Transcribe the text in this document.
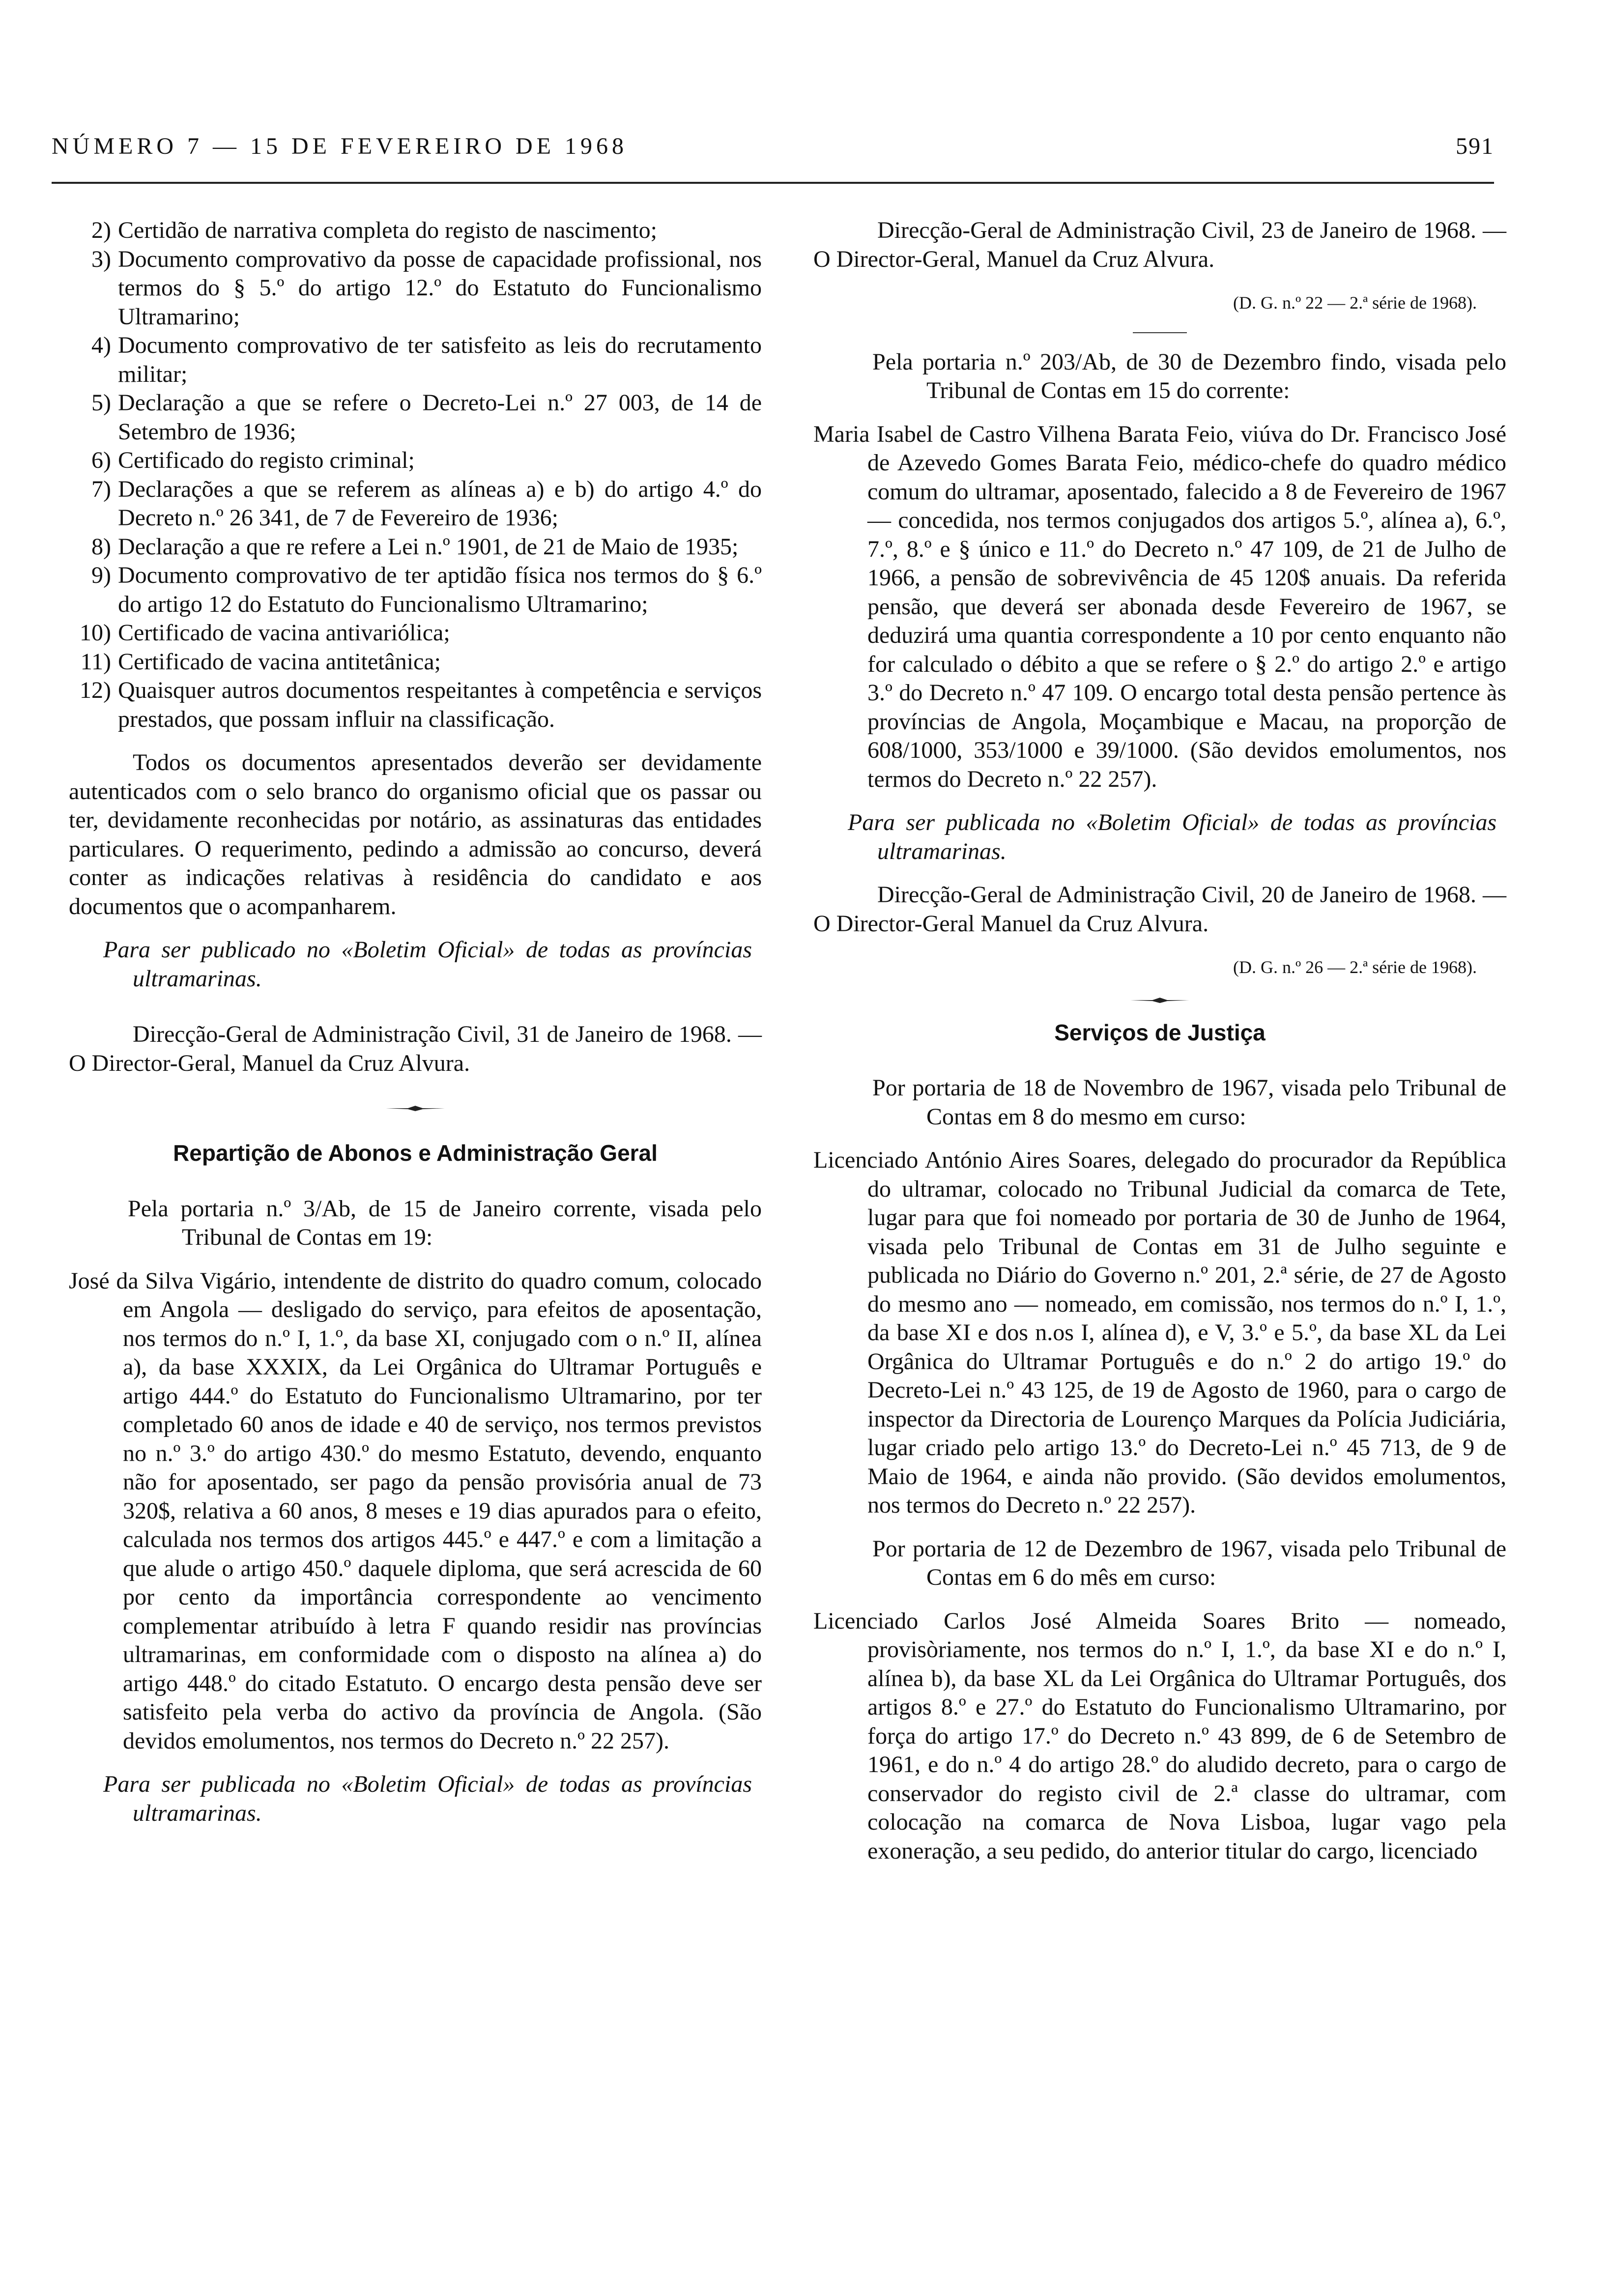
NÚMERO 7 — 15 DE FEVEREIRO DE 1968	591
2) Certidão de narrativa completa do registo de nascimento;
3) Documento comprovativo da posse de capacidade profissional, nos termos do § 5.º do artigo 12.º do Estatuto do Funcionalismo Ultramarino;
4) Documento comprovativo de ter satisfeito as leis do recrutamento militar;
5) Declaração a que se refere o Decreto-Lei n.º 27 003, de 14 de Setembro de 1936;
6) Certificado do registo criminal;
7) Declarações a que se referem as alíneas a) e b) do artigo 4.º do Decreto n.º 26 341, de 7 de Fevereiro de 1936;
8) Declaração a que re refere a Lei n.º 1901, de 21 de Maio de 1935;
9) Documento comprovativo de ter aptidão física nos termos do § 6.º do artigo 12 do Estatuto do Funcionalismo Ultramarino;
10) Certificado de vacina antivariólica;
11) Certificado de vacina antitetânica;
12) Quaisquer autros documentos respeitantes à competência e serviços prestados, que possam influir na classificação.

Todos os documentos apresentados deverão ser devidamente autenticados com o selo branco do organismo oficial que os passar ou ter, devidamente reconhecidas por notário, as assinaturas das entidades particulares. O requerimento, pedindo a admissão ao concurso, deverá conter as indicações relativas à residência do candidato e aos documentos que o acompanharem.

Para ser publicado no «Boletim Oficial» de todas as províncias ultramarinas.

Direcção-Geral de Administração Civil, 31 de Janeiro de 1968. — O Director-Geral, Manuel da Cruz Alvura.

Repartição de Abonos e Administração Geral

Pela portaria n.º 3/Ab, de 15 de Janeiro corrente, visada pelo Tribunal de Contas em 19:

José da Silva Vigário, intendente de distrito do quadro comum, colocado em Angola — desligado do serviço, para efeitos de aposentação, nos termos do n.º I, 1.º, da base XI, conjugado com o n.º II, alínea a), da base XXXIX, da Lei Orgânica do Ultramar Português e artigo 444.º do Estatuto do Funcionalismo Ultramarino, por ter completado 60 anos de idade e 40 de serviço, nos termos previstos no n.º 3.º do artigo 430.º do mesmo Estatuto, devendo, enquanto não for aposentado, ser pago da pensão provisória anual de 73 320$, relativa a 60 anos, 8 meses e 19 dias apurados para o efeito, calculada nos termos dos artigos 445.º e 447.º e com a limitação a que alude o artigo 450.º daquele diploma, que será acrescida de 60 por cento da importância correspondente ao vencimento complementar atribuído à letra F quando residir nas províncias ultramarinas, em conformidade com o disposto na alínea a) do artigo 448.º do citado Estatuto. O encargo desta pensão deve ser satisfeito pela verba do activo da província de Angola. (São devidos emolumentos, nos termos do Decreto n.º 22 257).

Para ser publicada no «Boletim Oficial» de todas as províncias ultramarinas.

Direcção-Geral de Administração Civil, 23 de Janeiro de 1968. — O Director-Geral, Manuel da Cruz Alvura.

(D. G. n.º 22 — 2.ª série de 1968).

Pela portaria n.º 203/Ab, de 30 de Dezembro findo, visada pelo Tribunal de Contas em 15 do corrente:

Maria Isabel de Castro Vilhena Barata Feio, viúva do Dr. Francisco José de Azevedo Gomes Barata Feio, médico-chefe do quadro médico comum do ultramar, aposentado, falecido a 8 de Fevereiro de 1967 — concedida, nos termos conjugados dos artigos 5.º, alínea a), 6.º, 7.º, 8.º e § único e 11.º do Decreto n.º 47 109, de 21 de Julho de 1966, a pensão de sobrevivência de 45 120$ anuais. Da referida pensão, que deverá ser abonada desde Fevereiro de 1967, se deduzirá uma quantia correspondente a 10 por cento enquanto não for calculado o débito a que se refere o § 2.º do artigo 2.º e artigo 3.º do Decreto n.º 47 109. O encargo total desta pensão pertence às províncias de Angola, Moçambique e Macau, na proporção de 608/1000, 353/1000 e 39/1000. (São devidos emolumentos, nos termos do Decreto n.º 22 257).

Para ser publicada no «Boletim Oficial» de todas as províncias ultramarinas.

Direcção-Geral de Administração Civil, 20 de Janeiro de 1968. — O Director-Geral Manuel da Cruz Alvura.

(D. G. n.º 26 — 2.ª série de 1968).

Serviços de Justiça

Por portaria de 18 de Novembro de 1967, visada pelo Tribunal de Contas em 8 do mesmo em curso:

Licenciado António Aires Soares, delegado do procurador da República do ultramar, colocado no Tribunal Judicial da comarca de Tete, lugar para que foi nomeado por portaria de 30 de Junho de 1964, visada pelo Tribunal de Contas em 31 de Julho seguinte e publicada no Diário do Governo n.º 201, 2.ª série, de 27 de Agosto do mesmo ano — nomeado, em comissão, nos termos do n.º I, 1.º, da base XI e dos n.os I, alínea d), e V, 3.º e 5.º, da base XL da Lei Orgânica do Ultramar Português e do n.º 2 do artigo 19.º do Decreto-Lei n.º 43 125, de 19 de Agosto de 1960, para o cargo de inspector da Directoria de Lourenço Marques da Polícia Judiciária, lugar criado pelo artigo 13.º do Decreto-Lei n.º 45 713, de 9 de Maio de 1964, e ainda não provido. (São devidos emolumentos, nos termos do Decreto n.º 22 257).

Por portaria de 12 de Dezembro de 1967, visada pelo Tribunal de Contas em 6 do mês em curso:

Licenciado Carlos José Almeida Soares Brito — nomeado, provisòriamente, nos termos do n.º I, 1.º, da base XI e do n.º I, alínea b), da base XL da Lei Orgânica do Ultramar Português, dos artigos 8.º e 27.º do Estatuto do Funcionalismo Ultramarino, por força do artigo 17.º do Decreto n.º 43 899, de 6 de Setembro de 1961, e do n.º 4 do artigo 28.º do aludido decreto, para o cargo de conservador do registo civil de 2.ª classe do ultramar, com colocação na comarca de Nova Lisboa, lugar vago pela exoneração, a seu pedido, do anterior titular do cargo, licenciado
